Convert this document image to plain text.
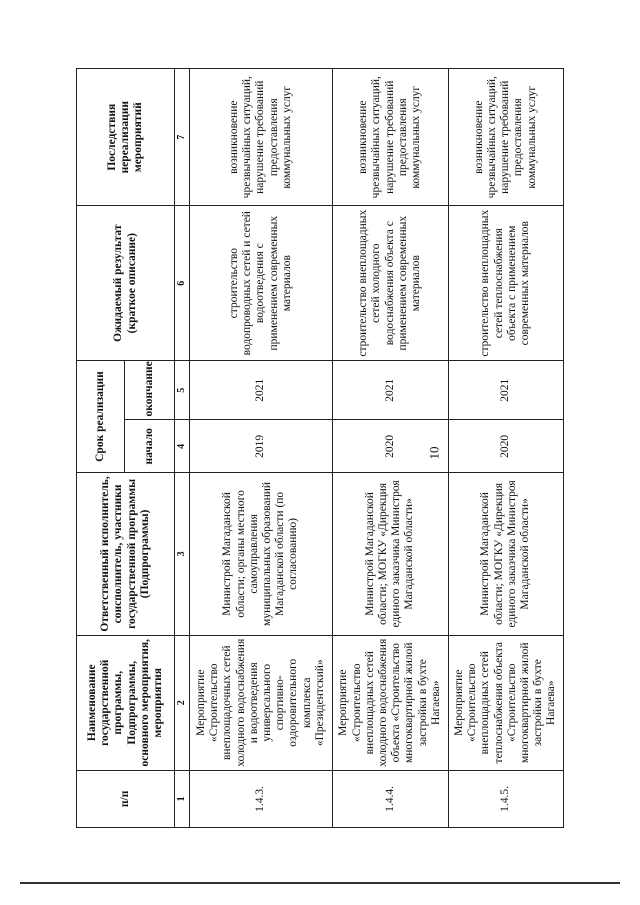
10
п/п	Наименование государственной программы, Подпрограммы, основного мероприятия, мероприятия	Ответственный исполнитель, соисполнитель, участники государственной программы (Подпрограммы)	Срок реализации		Ожидаемый результат (краткое описание)	Последствия нереализации мероприятий
			начало	окончание		
1	2	3	4	5	6	7
1.4.3.	Мероприятие «Строительство внеплощадочных сетей холодного водоснабжения и водоотведения универсального спортивно-оздоровительного комплекса «Президентский»	Министрой Магаданской области; органы местного самоуправления муниципальных образований Магаданской области (по согласованию)	2019	2021	строительство водопроводных сетей и сетей водоотведения с применением современных материалов	возникновение чрезвычайных ситуаций, нарушение требований предоставления коммунальных услуг
1.4.4.	Мероприятие «Строительство внеплощадных сетей холодного водоснабжения объекта «Строительство многоквартирной жилой застройки в бухте Нагаева»	Министрой Магаданской области; МОГКУ «Дирекция единого заказчика Министроя Магаданской области»	2020	2021	строительство внеплощадных сетей холодного водоснабжения объекта с применением современных материалов	возникновение чрезвычайных ситуаций, нарушение требований предоставления коммунальных услуг
1.4.5.	Мероприятие «Строительство внеплощадных сетей теплоснабжения объекта «Строительство многоквартирной жилой застройки в бухте Нагаева»	Министрой Магаданской области; МОГКУ «Дирекция единого заказчика Министроя Магаданской области»	2020	2021	строительство внеплощадных сетей теплоснабжения объекта с применением современных материалов	возникновение чрезвычайных ситуаций, нарушение требований предоставления коммунальных услуг
